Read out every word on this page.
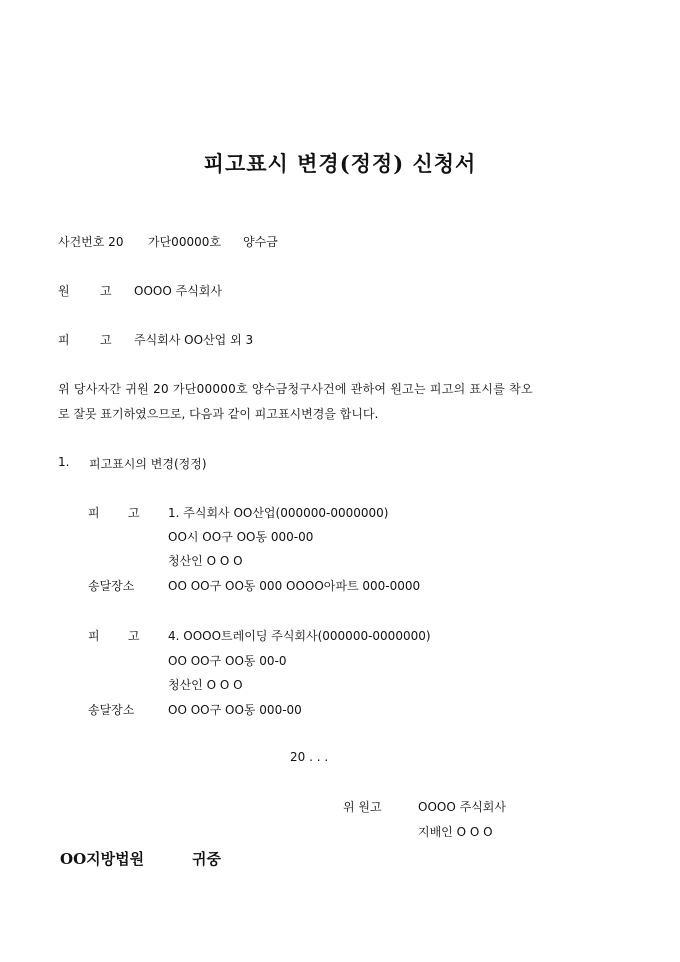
피고표시 변경(정정) 신청서
사건번호 20 가단00000호 양수금
원	고 OOOO 주식회사
피	고 주식회사 OO산업 외 3
위 당사자간 귀원 20 가단00000호 양수금청구사건에 관하여 원고는 피고의 표시를 착오
로 잘못 표기하였으므로, 다음과 같이 피고표시변경을 합니다.
1. 피고표시의 변경(정정)
피 고 1. 주식회사 OO산업(000000-0000000)
OO시 OO구 OO동 000-00
청산인 O O O
송달장소	OO OO구 OO동 000 OOOO아파트 000-0000
피 고 4. OOOO트레이딩 주식회사(000000-0000000)
OO OO구 OO동 00-0
청산인 O O O
송달장소	OO OO구 OO동 000-00
20 . . .
위 원고	OOOO 주식회사
지배인 O O O
OO지방법원	귀중
